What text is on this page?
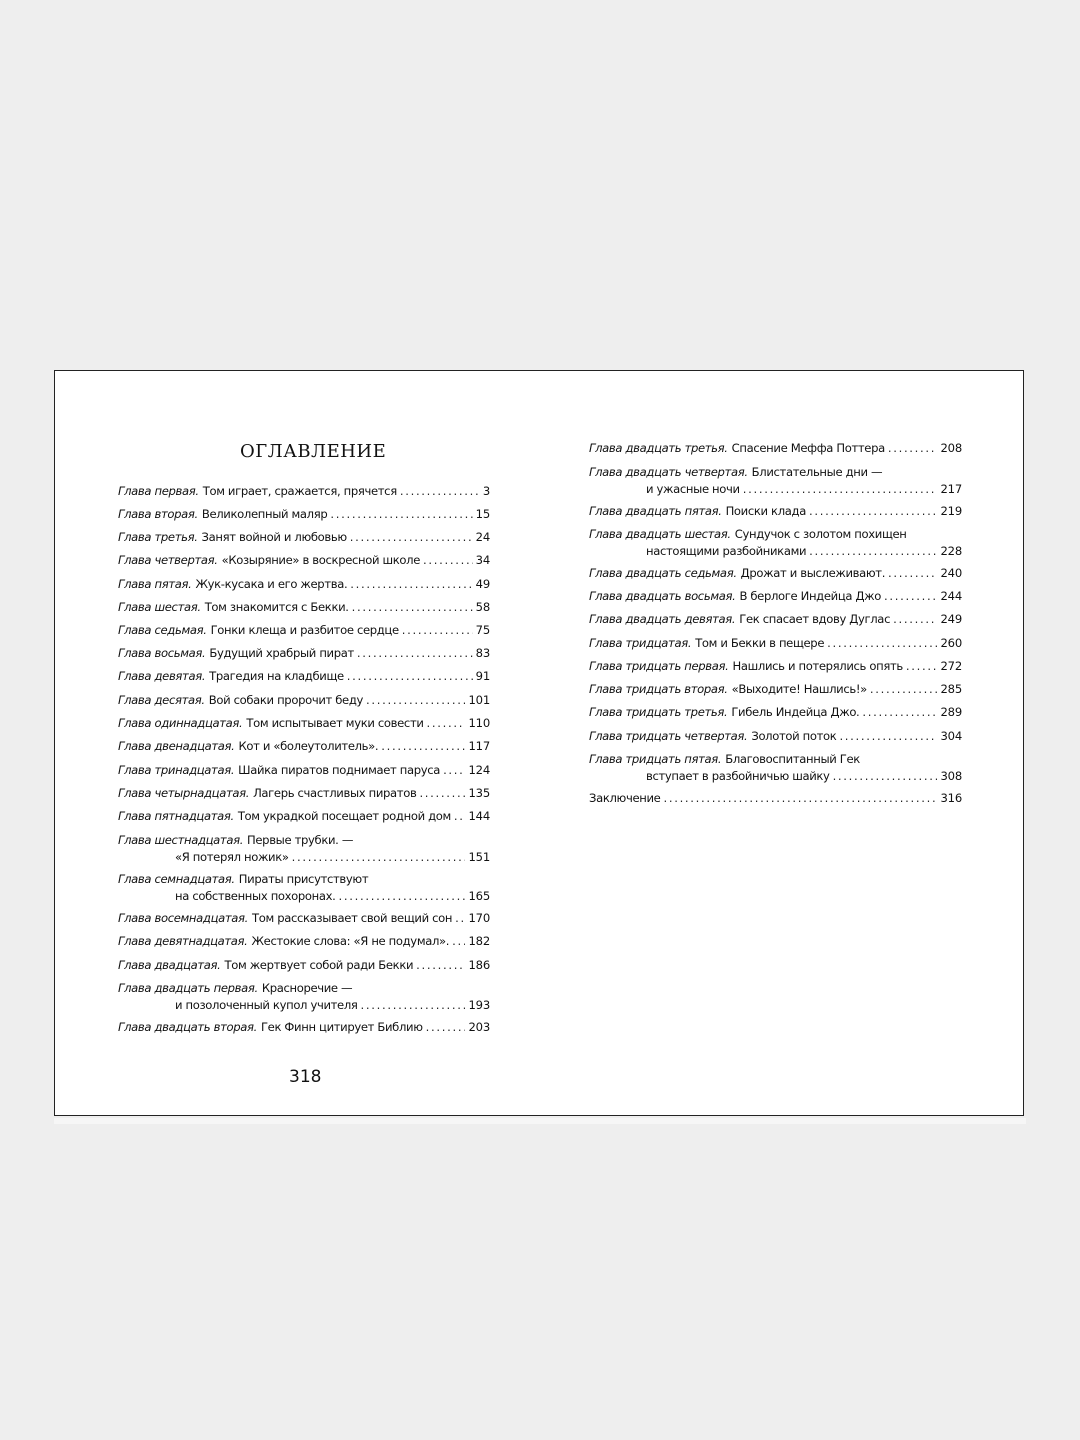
ОГЛАВЛЕНИЕ
Глава первая. Том играет, сражается, прячется . . .	3
Глава вторая. Великолепный маляр . . .	15
Глава третья. Занят войной и любовью . . .	24
Глава четвертая. «Козыряние» в воскресной школе . . .	34
Глава пятая. Жук-кусака и его жертва. . . .	49
Глава шестая. Том знакомится с Бекки. . . .	58
Глава седьмая. Гонки клеща и разбитое сердце . . .	75
Глава восьмая. Будущий храбрый пират . . .	83
Глава девятая. Трагедия на кладбище . . .	91
Глава десятая. Вой собаки пророчит беду . . .	101
Глава одиннадцатая. Том испытывает муки совести . . .	110
Глава двенадцатая. Кот и «болеутолитель». . . .	117
Глава тринадцатая. Шайка пиратов поднимает паруса . . . 124
Глава четырнадцатая. Лагерь счастливых пиратов . . .	135
Глава пятнадцатая. Том украдкой посещает родной дом . . . 144
Глава шестнадцатая. Первые трубки. —
«Я потерял ножик» . . .	151
Глава семнадцатая. Пираты присутствуют
на собственных похоронах. . . .	165
Глава восемнадцатая. Том рассказывает свой вещий сон . . . 170
Глава девятнадцатая. Жестокие слова: «Я не подумал». . . . 182
Глава двадцатая. Том жертвует собой ради Бекки . . .	186
Глава двадцать первая. Красноречие —
и позолоченный купол учителя . . .	193
Глава двадцать вторая. Гек Финн цитирует Библию . . .	203
Глава двадцать третья. Спасение Меффа Поттера . . .	208
Глава двадцать четвертая. Блистательные дни —
и ужасные ночи . . .	217
Глава двадцать пятая. Поиски клада . . .	219
Глава двадцать шестая. Сундучок с золотом похищен
настоящими разбойниками . . .	228
Глава двадцать седьмая. Дрожат и выслеживают. . . .	240
Глава двадцать восьмая. В берлоге Индейца Джо . . .	244
Глава двадцать девятая. Гек спасает вдову Дуглас . . .	249
Глава тридцатая. Том и Бекки в пещере . . .	260
Глава тридцать первая. Нашлись и потерялись опять . . .	272
Глава тридцать вторая. «Выходите! Нашлись!» . . .	285
Глава тридцать третья. Гибель Индейца Джо. . . .	289
Глава тридцать четвертая. Золотой поток . . .	304
Глава тридцать пятая. Благовоспитанный Гек
вступает в разбойничью шайку . . .	308
Заключение . . .	316
318
